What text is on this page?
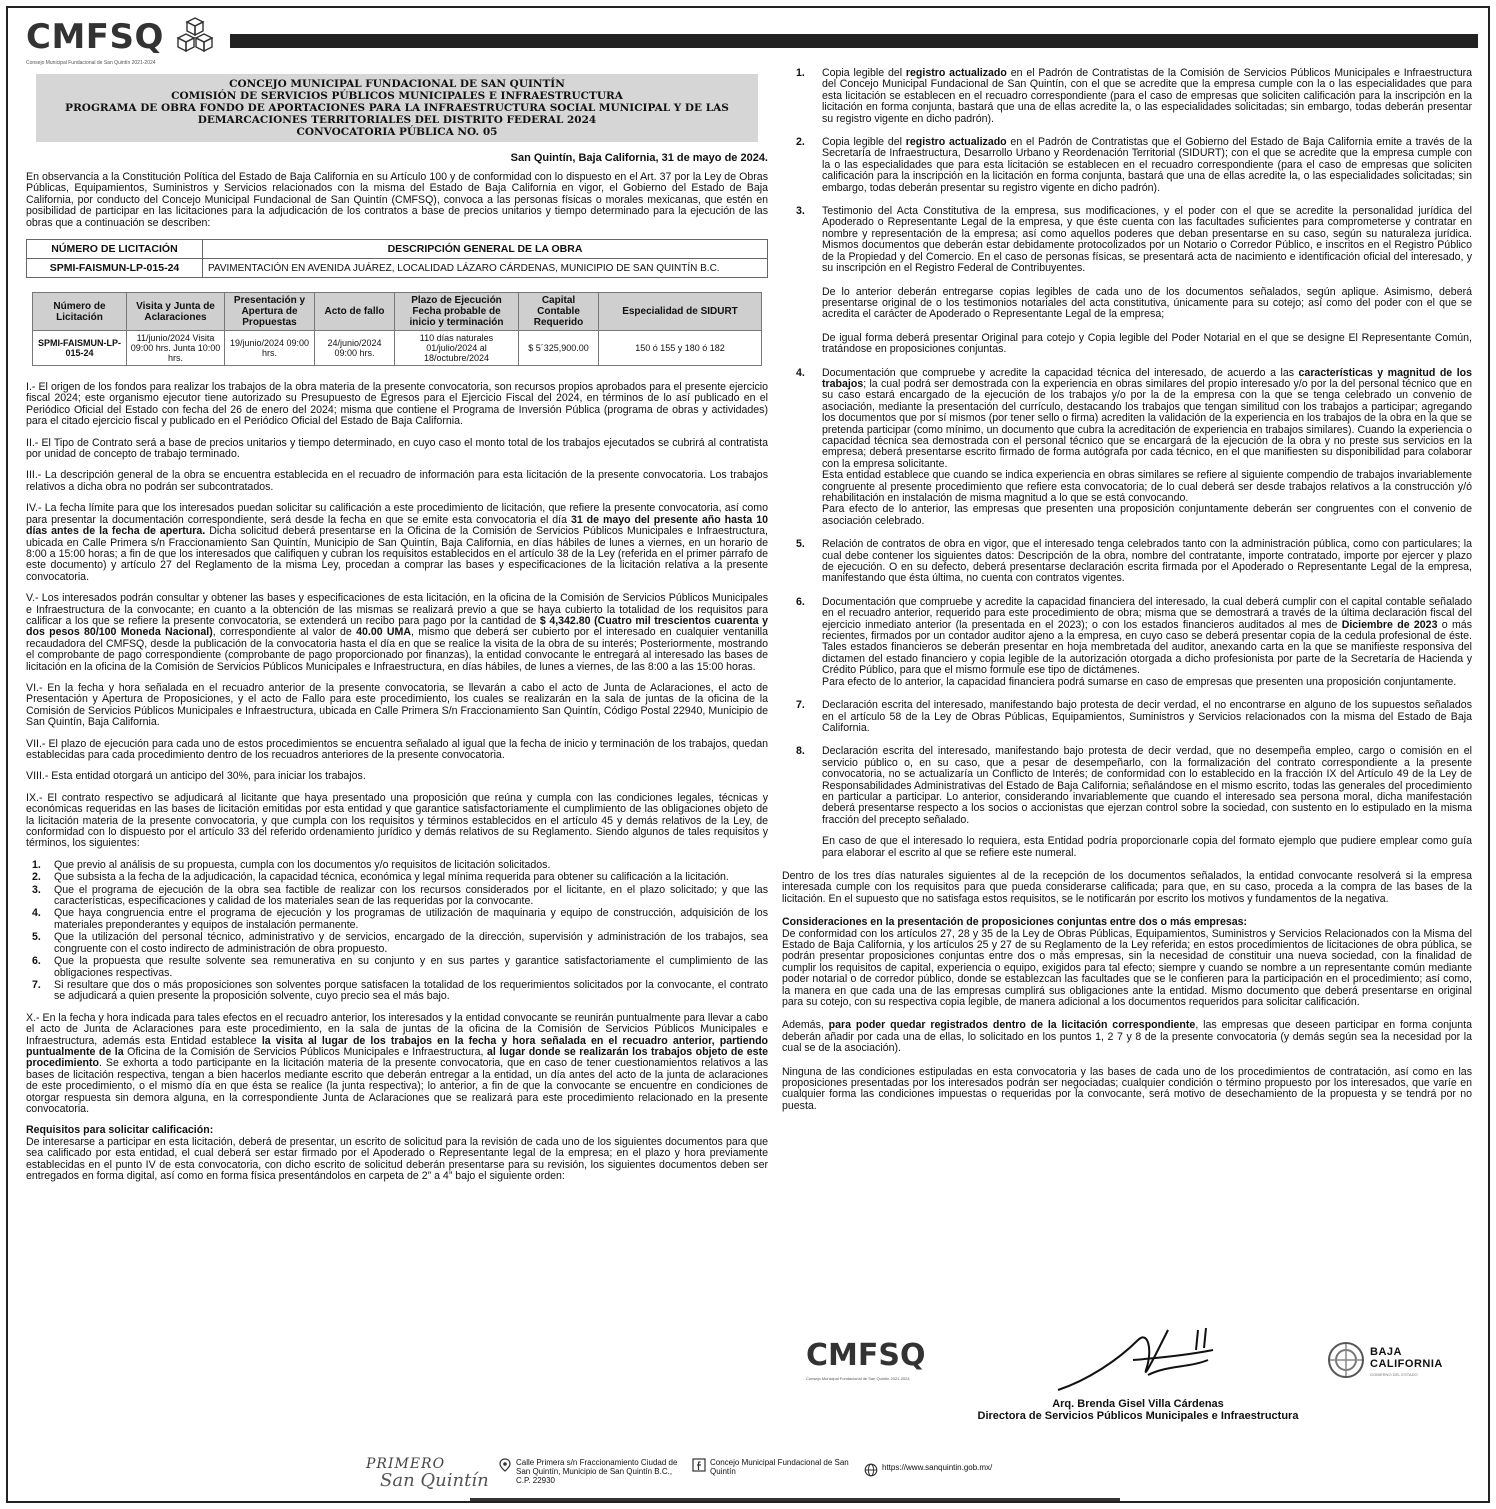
CMFSQ
Consejo Municipal Fundacional de San Quintín 2021-2024
CONCEJO MUNICIPAL FUNDACIONAL DE SAN QUINTÍN
COMISIÓN DE SERVICIOS PÚBLICOS MUNICIPALES E INFRAESTRUCTURA
PROGRAMA DE OBRA FONDO DE APORTACIONES PARA LA INFRAESTRUCTURA SOCIAL MUNICIPAL Y DE LAS DEMARCACIONES TERRITORIALES DEL DISTRITO FEDERAL 2024
CONVOCATORIA PÚBLICA NO. 05
San Quintín, Baja California, 31 de mayo de 2024.

En observancia a la Constitución Política del Estado de Baja California en su Artículo 100 y de conformidad con lo dispuesto en el Art. 37 por la Ley de Obras Públicas, Equipamientos, Suministros y Servicios relacionados con la misma del Estado de Baja California en vigor, el Gobierno del Estado de Baja California, por conducto del Concejo Municipal Fundacional de San Quintín (CMFSQ), convoca a las personas físicas o morales mexicanas, que estén en posibilidad de participar en las licitaciones para la adjudicación de los contratos a base de precios unitarios y tiempo determinado para la ejecución de las obras que a continuación se describen:

NÚMERO DE LICITACIÓN	DESCRIPCIÓN GENERAL DE LA OBRA
SPMI-FAISMUN-LP-015-24	PAVIMENTACIÓN EN AVENIDA JUÁREZ, LOCALIDAD LÁZARO CÁRDENAS, MUNICIPIO DE SAN QUINTÍN B.C.
Número de Licitación	Visita y Junta de Aclaraciones	Presentación y Apertura de Propuestas	Acto de fallo	Plazo de Ejecución Fecha probable de inicio y terminación	Capital Contable Requerido	Especialidad de SIDURT
SPMI-FAISMUN-LP-015-24	11/junio/2024 Visita 09:00 hrs. Junta 10:00 hrs.	19/junio/2024 09:00 hrs.	24/junio/2024 09:00 hrs.	110 días naturales 01/julio/2024 al 18/octubre/2024	$ 5´325,900.00	150 ó 155 y 180 ó 182

I.- El origen de los fondos para realizar los trabajos de la obra materia de la presente convocatoria, son recursos propios aprobados para el presente ejercicio fiscal 2024; este organismo ejecutor tiene autorizado su Presupuesto de Egresos para el Ejercicio Fiscal del 2024, en términos de lo así publicado en el Periódico Oficial del Estado con fecha del 26 de enero del 2024; misma que contiene el Programa de Inversión Pública (programa de obras y actividades) para el citado ejercicio fiscal y publicado en el Periódico Oficial del Estado de Baja California.

II.- El Tipo de Contrato será a base de precios unitarios y tiempo determinado, en cuyo caso el monto total de los trabajos ejecutados se cubrirá al contratista por unidad de concepto de trabajo terminado.

III.- La descripción general de la obra se encuentra establecida en el recuadro de información para esta licitación de la presente convocatoria. Los trabajos relativos a dicha obra no podrán ser subcontratados.

IV.- La fecha límite para que los interesados puedan solicitar su calificación a este procedimiento de licitación, que refiere la presente convocatoria, así como para presentar la documentación correspondiente, será desde la fecha en que se emite esta convocatoria el día 31 de mayo del presente año hasta 10 días antes de la fecha de apertura. Dicha solicitud deberá presentarse en la Oficina de la Comisión de Servicios Públicos Municipales e Infraestructura, ubicada en Calle Primera s/n Fraccionamiento San Quintín, Municipio de San Quintín, Baja California, en días hábiles de lunes a viernes, en un horario de 8:00 a 15:00 horas; a fin de que los interesados que califiquen y cubran los requisitos establecidos en el artículo 38 de la Ley (referida en el primer párrafo de este documento) y artículo 27 del Reglamento de la misma Ley, procedan a comprar las bases y especificaciones de la licitación relativa a la presente convocatoria.

V.- Los interesados podrán consultar y obtener las bases y especificaciones de esta licitación, en la oficina de la Comisión de Servicios Públicos Municipales e Infraestructura de la convocante; en cuanto a la obtención de las mismas se realizará previo a que se haya cubierto la totalidad de los requisitos para calificar a los que se refiere la presente convocatoria, se extenderá un recibo para pago por la cantidad de $ 4,342.80 (Cuatro mil trescientos cuarenta y dos pesos 80/100 Moneda Nacional), correspondiente al valor de 40.00 UMA, mismo que deberá ser cubierto por el interesado en cualquier ventanilla recaudadora del CMFSQ, desde la publicación de la convocatoria hasta el día en que se realice la visita de la obra de su interés; Posteriormente, mostrando el comprobante de pago correspondiente (comprobante de pago proporcionado por finanzas), la entidad convocante le entregará al interesado las bases de licitación en la oficina de la Comisión de Servicios Públicos Municipales e Infraestructura, en días hábiles, de lunes a viernes, de las 8:00 a las 15:00 horas.

VI.- En la fecha y hora señalada en el recuadro anterior de la presente convocatoria, se llevarán a cabo el acto de Junta de Aclaraciones, el acto de Presentación y Apertura de Proposiciones, y el acto de Fallo para este procedimiento, los cuales se realizarán en la sala de juntas de la oficina de la Comisión de Servicios Públicos Municipales e Infraestructura, ubicada en Calle Primera S/n Fraccionamiento San Quintín, Código Postal 22940, Municipio de San Quintín, Baja California.

VII.- El plazo de ejecución para cada uno de estos procedimientos se encuentra señalado al igual que la fecha de inicio y terminación de los trabajos, quedan establecidas para cada procedimiento dentro de los recuadros anteriores de la presente convocatoria.

VIII.- Esta entidad otorgará un anticipo del 30%, para iniciar los trabajos.

IX.- El contrato respectivo se adjudicará al licitante que haya presentado una proposición que reúna y cumpla con las condiciones legales, técnicas y económicas requeridas en las bases de licitación emitidas por esta entidad y que garantice satisfactoriamente el cumplimiento de las obligaciones objeto de la licitación materia de la presente convocatoria, y que cumpla con los requisitos y términos establecidos en el artículo 45 y demás relativos de la Ley, de conformidad con lo dispuesto por el artículo 33 del referido ordenamiento jurídico y demás relativos de su Reglamento. Siendo algunos de tales requisitos y términos, los siguientes:

1.	Que previo al análisis de su propuesta, cumpla con los documentos y/o requisitos de licitación solicitados.
2.	Que subsista a la fecha de la adjudicación, la capacidad técnica, económica y legal mínima requerida para obtener su calificación a la licitación.
3.	Que el programa de ejecución de la obra sea factible de realizar con los recursos considerados por el licitante, en el plazo solicitado; y que las características, especificaciones y calidad de los materiales sean de las requeridas por la convocante.
4.	Que haya congruencia entre el programa de ejecución y los programas de utilización de maquinaria y equipo de construcción, adquisición de los materiales preponderantes y equipos de instalación permanente.
5.	Que la utilización del personal técnico, administrativo y de servicios, encargado de la dirección, supervisión y administración de los trabajos, sea congruente con el costo indirecto de administración de obra propuesto.
6.	Que la propuesta que resulte solvente sea remunerativa en su conjunto y en sus partes y garantice satisfactoriamente el cumplimiento de las obligaciones respectivas.
7.	Si resultare que dos o más proposiciones son solventes porque satisfacen la totalidad de los requerimientos solicitados por la convocante, el contrato se adjudicará a quien presente la proposición solvente, cuyo precio sea el más bajo.

X.- En la fecha y hora indicada para tales efectos en el recuadro anterior, los interesados y la entidad convocante se reunirán puntualmente para llevar a cabo el acto de Junta de Aclaraciones para este procedimiento, en la sala de juntas de la oficina de la Comisión de Servicios Públicos Municipales e Infraestructura, además esta Entidad establece la visita al lugar de los trabajos en la fecha y hora señalada en el recuadro anterior, partiendo puntualmente de la Oficina de la Comisión de Servicios Públicos Municipales e Infraestructura, al lugar donde se realizarán los trabajos objeto de este procedimiento. Se exhorta a todo participante en la licitación materia de la presente convocatoria, que en caso de tener cuestionamientos relativos a las bases de licitación respectiva, tengan a bien hacerlos mediante escrito que deberán entregar a la entidad, un día antes del acto de la junta de aclaraciones de este procedimiento, o el mismo día en que ésta se realice (la junta respectiva); lo anterior, a fin de que la convocante se encuentre en condiciones de otorgar respuesta sin demora alguna, en la correspondiente Junta de Aclaraciones que se realizará para este procedimiento relacionado en la presente convocatoria.

Requisitos para solicitar calificación:

De interesarse a participar en esta licitación, deberá de presentar, un escrito de solicitud para la revisión de cada uno de los siguientes documentos para que sea calificado por esta entidad, el cual deberá ser estar firmado por el Apoderado o Representante legal de la empresa; en el plazo y hora previamente establecidas en el punto IV de esta convocatoria, con dicho escrito de solicitud deberán presentarse para su revisión, los siguientes documentos deben ser entregados en forma digital, así como en forma física presentándolos en carpeta de 2” a 4” bajo el siguiente orden:

1.	Copia legible del registro actualizado en el Padrón de Contratistas de la Comisión de Servicios Públicos Municipales e Infraestructura del Concejo Municipal Fundacional de San Quintín, con el que se acredite que la empresa cumple con la o las especialidades que para esta licitación se establecen en el recuadro correspondiente (para el caso de empresas que soliciten calificación para la inscripción en la licitación en forma conjunta, bastará que una de ellas acredite la, o las especialidades solicitadas; sin embargo, todas deberán presentar su registro vigente en dicho padrón).

2.	Copia legible del registro actualizado en el Padrón de Contratistas que el Gobierno del Estado de Baja California emite a través de la Secretaría de Infraestructura, Desarrollo Urbano y Reordenación Territorial (SIDURT); con el que se acredite que la empresa cumple con la o las especialidades que para esta licitación se establecen en el recuadro correspondiente (para el caso de empresas que soliciten calificación para la inscripción en la licitación en forma conjunta, bastará que una de ellas acredite la, o las especialidades solicitadas; sin embargo, todas deberán presentar su registro vigente en dicho padrón).

3.	Testimonio del Acta Constitutiva de la empresa, sus modificaciones, y el poder con el que se acredite la personalidad jurídica del Apoderado o Representante Legal de la empresa, y que éste cuenta con las facultades suficientes para comprometerse y contratar en nombre y representación de la empresa; así como aquellos poderes que deban presentarse en su caso, según su naturaleza jurídica. Mismos documentos que deberán estar debidamente protocolizados por un Notario o Corredor Público, e inscritos en el Registro Público de la Propiedad y del Comercio. En el caso de personas físicas, se presentará acta de nacimiento e identificación oficial del interesado, y su inscripción en el Registro Federal de Contribuyentes.

De lo anterior deberán entregarse copias legibles de cada uno de los documentos señalados, según aplique. Asimismo, deberá presentarse original de o los testimonios notariales del acta constitutiva, únicamente para su cotejo; así como del poder con el que se acredita el carácter de Apoderado o Representante Legal de la empresa;

De igual forma deberá presentar Original para cotejo y Copia legible del Poder Notarial en el que se designe El Representante Común, tratándose en proposiciones conjuntas.

4.	Documentación que compruebe y acredite la capacidad técnica del interesado, de acuerdo a las características y magnitud de los trabajos; la cual podrá ser demostrada con la experiencia en obras similares del propio interesado y/o por la del personal técnico que en su caso estará encargado de la ejecución de los trabajos y/o por la de la empresa con la que se tenga celebrado un convenio de asociación, mediante la presentación del currículo, destacando los trabajos que tengan similitud con los trabajos a participar; agregando los documentos que por sí mismos (por tener sello o firma) acrediten la validación de la experiencia en los trabajos de la obra en la que se pretenda participar (como mínimo, un documento que cubra la acreditación de experiencia en trabajos similares). Cuando la experiencia o capacidad técnica sea demostrada con el personal técnico que se encargará de la ejecución de la obra y no preste sus servicios en la empresa; deberá presentarse escrito firmado de forma autógrafa por cada técnico, en el que manifiesten su disponibilidad para colaborar con la empresa solicitante.

Esta entidad establece que cuando se indica experiencia en obras similares se refiere al siguiente compendio de trabajos invariablemente congruente al presente procedimiento que refiere esta convocatoria; de lo cual deberá ser desde trabajos relativos a la construcción y/ó rehabilitación en instalación de misma magnitud a lo que se está convocando.

Para efecto de lo anterior, las empresas que presenten una proposición conjuntamente deberán ser congruentes con el convenio de asociación celebrado.

5.	Relación de contratos de obra en vigor, que el interesado tenga celebrados tanto con la administración pública, como con particulares; la cual debe contener los siguientes datos: Descripción de la obra, nombre del contratante, importe contratado, importe por ejercer y plazo de ejecución. O en su defecto, deberá presentarse declaración escrita firmada por el Apoderado o Representante Legal de la empresa, manifestando que ésta última, no cuenta con contratos vigentes.

6.	Documentación que compruebe y acredite la capacidad financiera del interesado, la cual deberá cumplir con el capital contable señalado en el recuadro anterior, requerido para este procedimiento de obra; misma que se demostrará a través de la última declaración fiscal del ejercicio inmediato anterior (la presentada en el 2023); o con los estados financieros auditados al mes de Diciembre de 2023 o más recientes, firmados por un contador auditor ajeno a la empresa, en cuyo caso se deberá presentar copia de la cedula profesional de éste. Tales estados financieros se deberán presentar en hoja membretada del auditor, anexando carta en la que se manifieste responsiva del dictamen del estado financiero y copia legible de la autorización otorgada a dicho profesionista por parte de la Secretaría de Hacienda y Crédito Público, para que el mismo formule ese tipo de dictámenes.

Para efecto de lo anterior, la capacidad financiera podrá sumarse en caso de empresas que presenten una proposición conjuntamente.

7.	Declaración escrita del interesado, manifestando bajo protesta de decir verdad, el no encontrarse en alguno de los supuestos señalados en el artículo 58 de la Ley de Obras Públicas, Equipamientos, Suministros y Servicios relacionados con la misma del Estado de Baja California.

8.	Declaración escrita del interesado, manifestando bajo protesta de decir verdad, que no desempeña empleo, cargo o comisión en el servicio público o, en su caso, que a pesar de desempeñarlo, con la formalización del contrato correspondiente a la presente convocatoria, no se actualizaría un Conflicto de Interés; de conformidad con lo establecido en la fracción IX del Artículo 49 de la Ley de Responsabilidades Administrativas del Estado de Baja California; señalándose en el mismo escrito, todas las generales del procedimiento en particular a participar. Lo anterior, considerando invariablemente que cuando el interesado sea persona moral, dicha manifestación deberá presentarse respecto a los socios o accionistas que ejerzan control sobre la sociedad, con sustento en lo estipulado en la misma fracción del precepto señalado.

En caso de que el interesado lo requiera, esta Entidad podría proporcionarle copia del formato ejemplo que pudiere emplear como guía para elaborar el escrito al que se refiere este numeral.

Dentro de los tres días naturales siguientes al de la recepción de los documentos señalados, la entidad convocante resolverá si la empresa interesada cumple con los requisitos para que pueda considerarse calificada; para que, en su caso, proceda a la compra de las bases de la licitación. En el supuesto que no satisfaga estos requisitos, se le notificarán por escrito los motivos y fundamentos de la negativa.

Consideraciones en la presentación de proposiciones conjuntas entre dos o más empresas:

De conformidad con los artículos 27, 28 y 35 de la Ley de Obras Públicas, Equipamientos, Suministros y Servicios Relacionados con la Misma del Estado de Baja California, y los artículos 25 y 27 de su Reglamento de la Ley referida; en estos procedimientos de licitaciones de obra pública, se podrán presentar proposiciones conjuntas entre dos o más empresas, sin la necesidad de constituir una nueva sociedad, con la finalidad de cumplir los requisitos de capital, experiencia o equipo, exigidos para tal efecto; siempre y cuando se nombre a un representante común mediante poder notarial o de corredor público, donde se establezcan las facultades que se le confieren para la participación en el procedimiento; así como, la manera en que cada una de las empresas cumplirá sus obligaciones ante la entidad. Mismo documento que deberá presentarse en original para su cotejo, con su respectiva copia legible, de manera adicional a los documentos requeridos para solicitar calificación.

Además, para poder quedar registrados dentro de la licitación correspondiente, las empresas que deseen participar en forma conjunta deberán añadir por cada una de ellas, lo solicitado en los puntos 1, 2 7 y 8 de la presente convocatoria (y demás según sea la necesidad por la cual se de la asociación).

Ninguna de las condiciones estipuladas en esta convocatoria y las bases de cada uno de los procedimientos de contratación, así como en las proposiciones presentadas por los interesados podrán ser negociadas; cualquier condición o término propuesto por los interesados, que varíe en cualquier forma las condiciones impuestas o requeridas por la convocante, será motivo de desechamiento de la propuesta y se tendrá por no puesta.

CMFSQ
Consejo Municipal Fundacional de San Quintín 2021-2024
Arq. Brenda Gisel Villa Cárdenas
Directora de Servicios Públicos Municipales e Infraestructura
BAJA CALIFORNIA
GOBIERNO DEL ESTADO
PRIMERO
San Quintín
Calle Primera s/n Fraccionamiento Ciudad de San Quintín, Municipio de San Quintín B.C., C.P. 22930
Concejo Municipal Fundacional de San Quintín	https://www.sanquintin.gob.mx/
